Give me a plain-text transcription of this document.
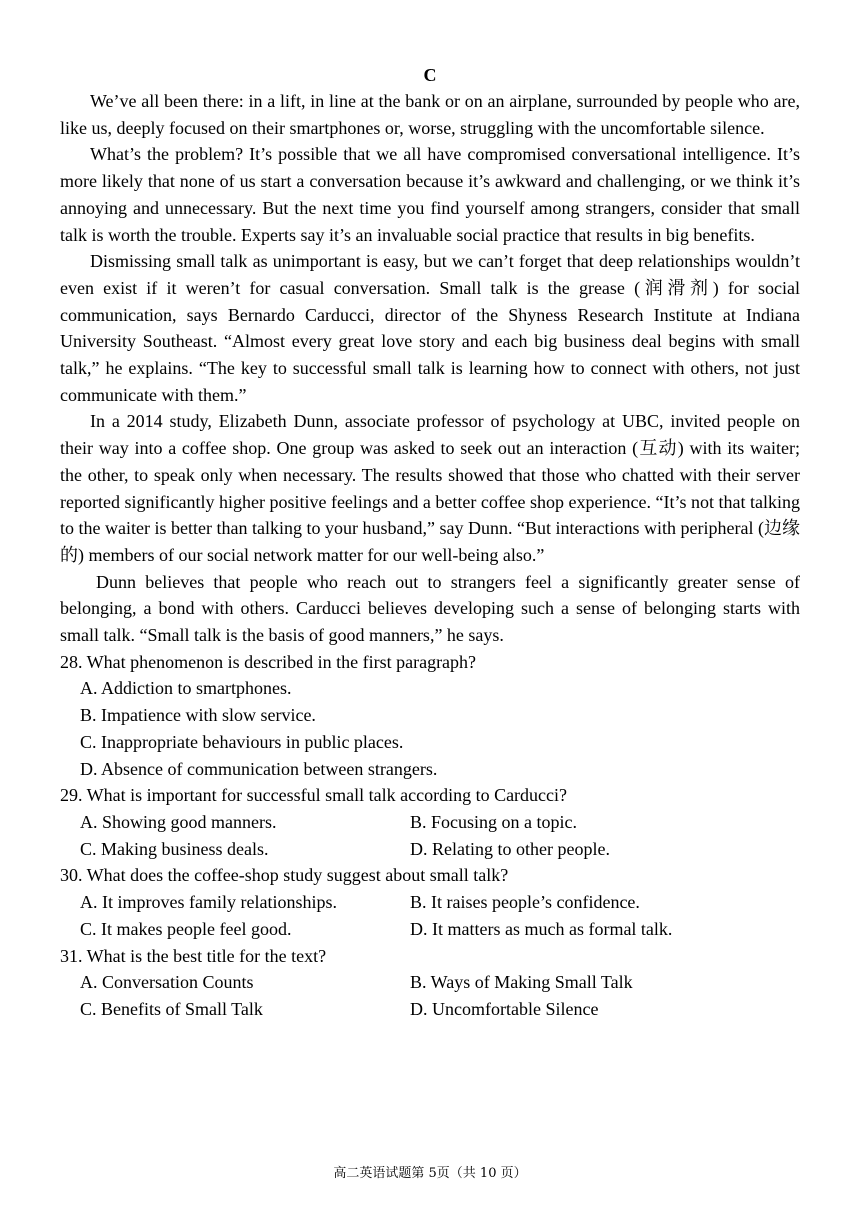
C

We’ve all been there: in a lift, in line at the bank or on an airplane, surrounded by people who are, like us, deeply focused on their smartphones or, worse, struggling with the uncomfortable silence.

What’s the problem? It’s possible that we all have compromised conversational intelligence. It’s more likely that none of us start a conversation because it’s awkward and challenging, or we think it’s annoying and unnecessary. But the next time you find yourself among strangers, consider that small talk is worth the trouble. Experts say it’s an invaluable social practice that results in big benefits.

Dismissing small talk as unimportant is easy, but we can’t forget that deep relationships wouldn’t even exist if it weren’t for casual conversation. Small talk is the grease (润滑剂) for social communication, says Bernardo Carducci, director of the Shyness Research Institute at Indiana University Southeast. “Almost every great love story and each big business deal begins with small talk,” he explains. “The key to successful small talk is learning how to connect with others, not just communicate with them.”

In a 2014 study, Elizabeth Dunn, associate professor of psychology at UBC, invited people on their way into a coffee shop. One group was asked to seek out an interaction (互动) with its waiter; the other, to speak only when necessary. The results showed that those who chatted with their server reported significantly higher positive feelings and a better coffee shop experience. “It’s not that talking to the waiter is better than talking to your husband,” say Dunn. “But interactions with peripheral (边缘的) members of our social network matter for our well-being also.”

Dunn believes that people who reach out to strangers feel a significantly greater sense of belonging, a bond with others. Carducci believes developing such a sense of belonging starts with small talk. “Small talk is the basis of good manners,” he says.

28. What phenomenon is described in the first paragraph?

A. Addiction to smartphones.
B. Impatience with slow service.
C. Inappropriate behaviours in public places.
D. Absence of communication between strangers.

29. What is important for successful small talk according to Carducci?

A. Showing good manners.	B. Focusing on a topic.
C. Making business deals.	D. Relating to other people.

30. What does the coffee-shop study suggest about small talk?

A. It improves family relationships.	B. It raises people’s confidence.
C. It makes people feel good.	D. It matters as much as formal talk.

31. What is the best title for the text?

A. Conversation Counts	B. Ways of Making Small Talk
C. Benefits of Small Talk	D. Uncomfortable Silence
高二英语试题第 5页（共 10 页）
